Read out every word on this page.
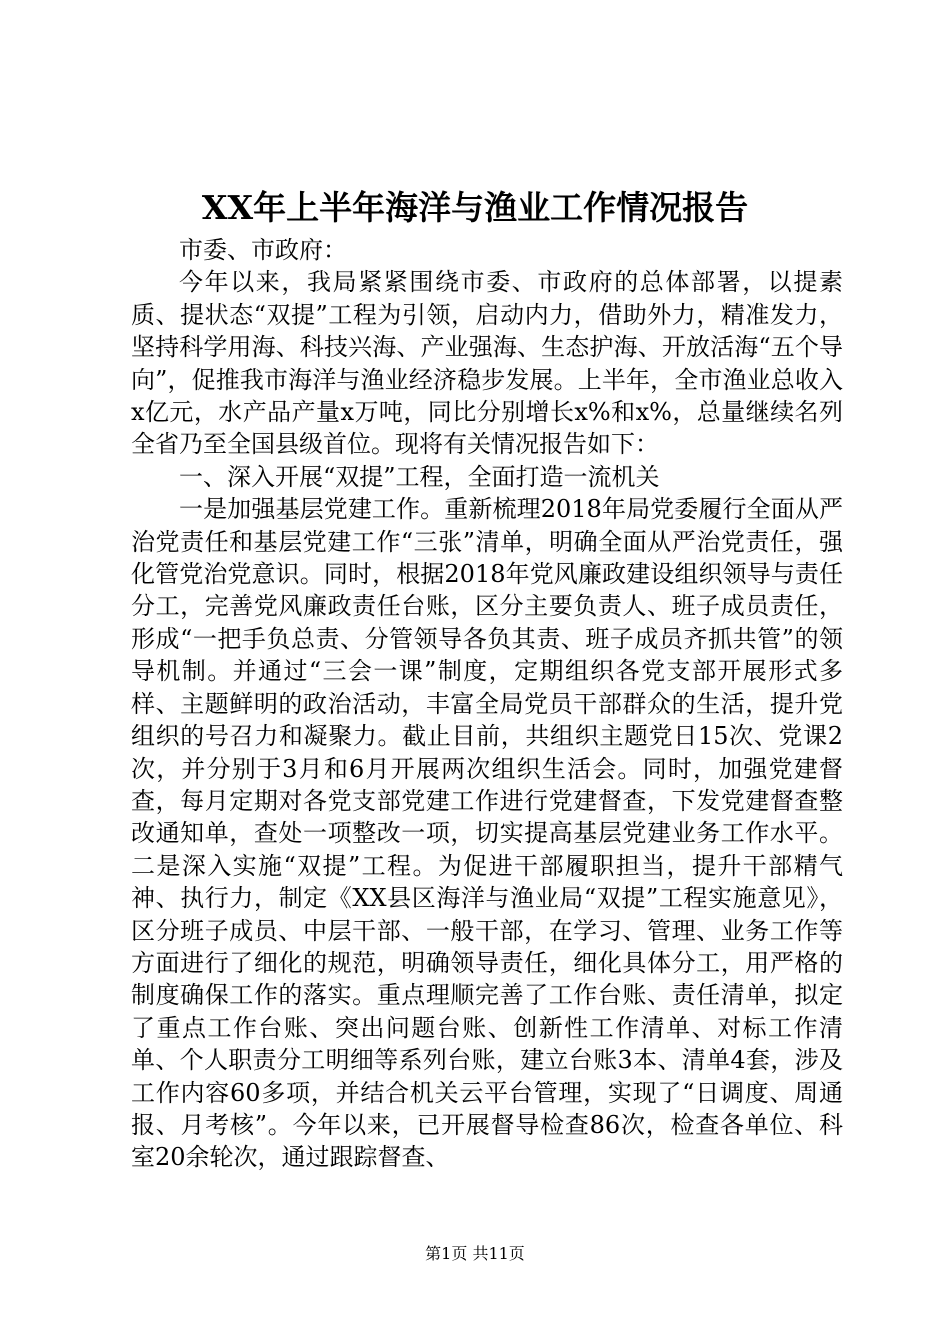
XX年上半年海洋与渔业工作情况报告

市委、市政府：

今年以来，我局紧紧围绕市委、市政府的总体部署，以提素质、提状态“双提”工程为引领，启动内力，借助外力，精准发力，坚持科学用海、科技兴海、产业强海、生态护海、开放活海“五个导向”，促推我市海洋与渔业经济稳步发展。上半年，全市渔业总收入x亿元，水产品产量x万吨，同比分别增长x%和x%，总量继续名列全省乃至全国县级首位。现将有关情况报告如下：

一、深入开展“双提”工程，全面打造一流机关

一是加强基层党建工作。重新梳理2018年局党委履行全面从严治党责任和基层党建工作“三张”清单，明确全面从严治党责任，强化管党治党意识。同时，根据2018年党风廉政建设组织领导与责任分工，完善党风廉政责任台账，区分主要负责人、班子成员责任，形成“一把手负总责、分管领导各负其责、班子成员齐抓共管”的领导机制。并通过“三会一课”制度，定期组织各党支部开展形式多样、主题鲜明的政治活动，丰富全局党员干部群众的生活，提升党组织的号召力和凝聚力。截止目前，共组织主题党日15次、党课2次，并分别于3月和6月开展两次组织生活会。同时，加强党建督查，每月定期对各党支部党建工作进行党建督查，下发党建督查整改通知单，查处一项整改一项，切实提高基层党建业务工作水平。二是深入实施“双提”工程。为促进干部履职担当，提升干部精气神、执行力，制定《XX县区海洋与渔业局“双提”工程实施意见》，区分班子成员、中层干部、一般干部，在学习、管理、业务工作等方面进行了细化的规范，明确领导责任，细化具体分工，用严格的制度确保工作的落实。重点理顺完善了工作台账、责任清单，拟定了重点工作台账、突出问题台账、创新性工作清单、对标工作清单、个人职责分工明细等系列台账，建立台账3本、清单4套，涉及工作内容60多项，并结合机关云平台管理，实现了“日调度、周通报、月考核”。今年以来，已开展督导检查86次，检查各单位、科室20余轮次，通过跟踪督查、

第1页 共11页
